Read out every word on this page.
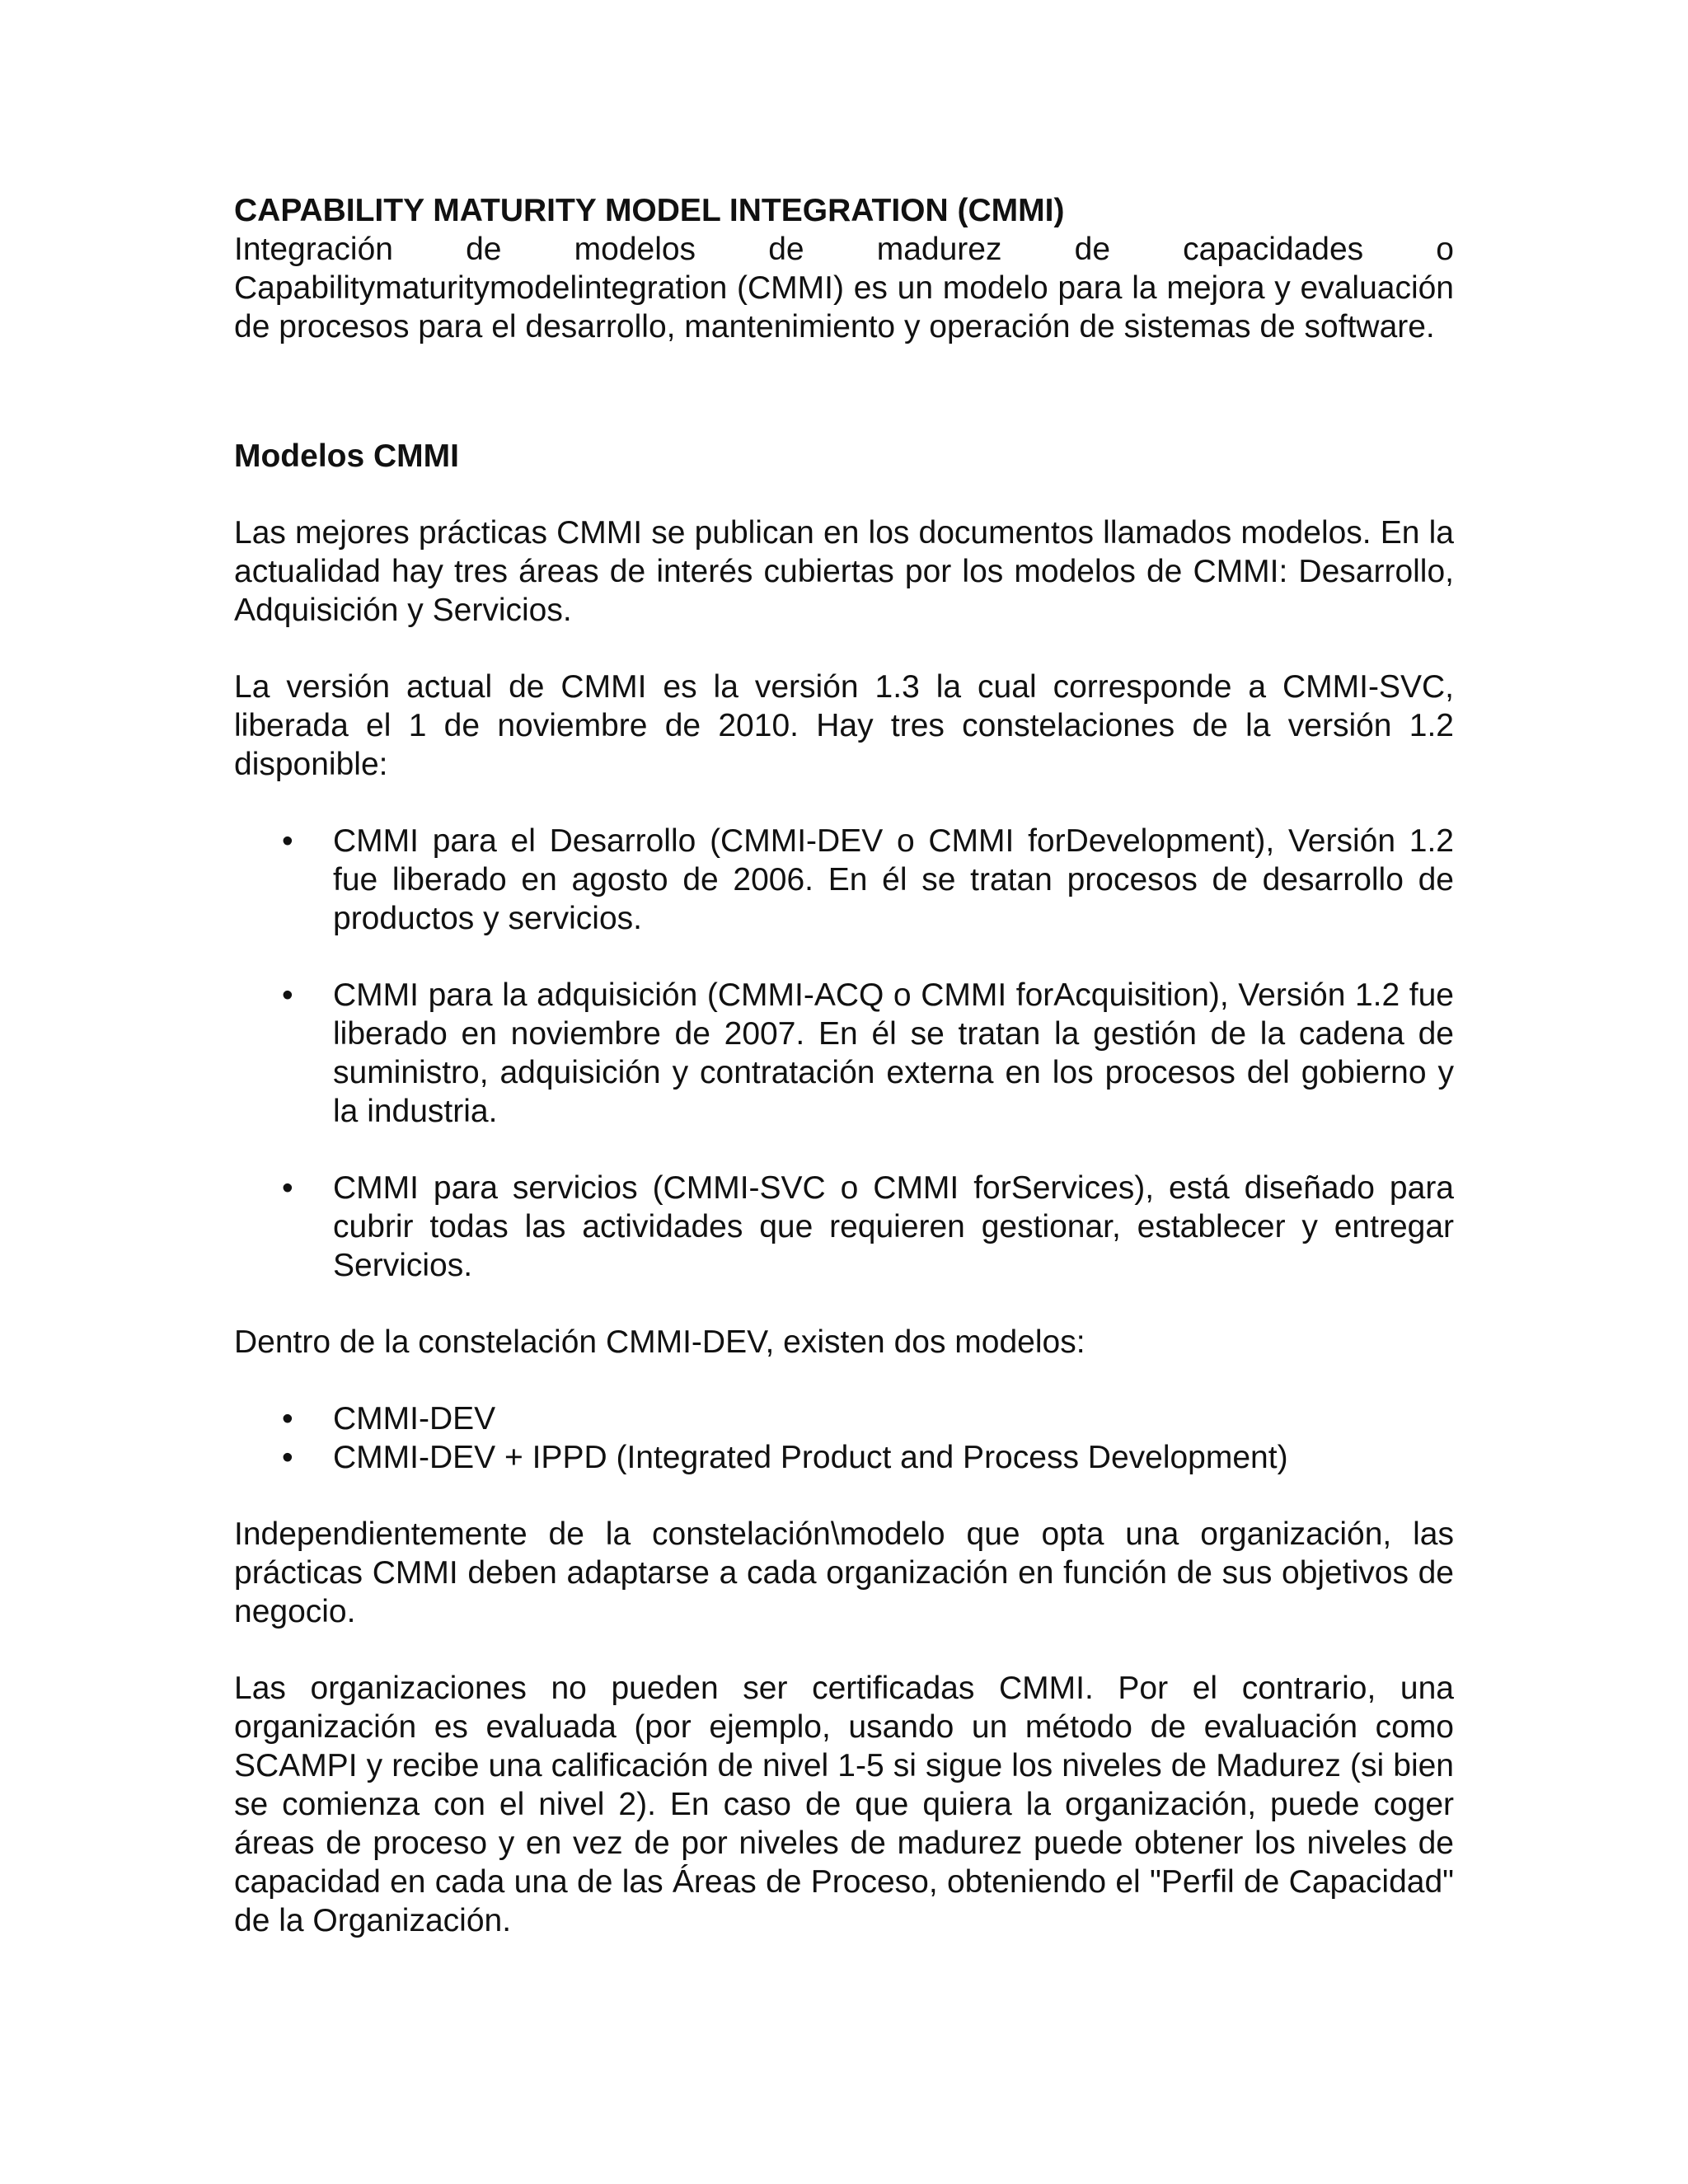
CAPABILITY MATURITY MODEL INTEGRATION (CMMI)

Integración de modelos de madurez de capacidades o Capabilitymaturitymodelintegration (CMMI) es un modelo para la mejora y evaluación de procesos para el desarrollo, mantenimiento y operación de sistemas de software.

Modelos CMMI

Las mejores prácticas CMMI se publican en los documentos llamados modelos. En la actualidad hay tres áreas de interés cubiertas por los modelos de CMMI: Desarrollo, Adquisición y Servicios.

La versión actual de CMMI es la versión 1.3 la cual corresponde a CMMI-SVC, liberada el 1 de noviembre de 2010. Hay tres constelaciones de la versión 1.2 disponible:

• CMMI para el Desarrollo (CMMI-DEV o CMMI forDevelopment), Versión 1.2 fue liberado en agosto de 2006. En él se tratan procesos de desarrollo de productos y servicios.
• CMMI para la adquisición (CMMI-ACQ o CMMI forAcquisition), Versión 1.2 fue liberado en noviembre de 2007. En él se tratan la gestión de la cadena de suministro, adquisición y contratación externa en los procesos del gobierno y la industria.
• CMMI para servicios (CMMI-SVC o CMMI forServices), está diseñado para cubrir todas las actividades que requieren gestionar, establecer y entregar Servicios.

Dentro de la constelación CMMI-DEV, existen dos modelos:

• CMMI-DEV
• CMMI-DEV + IPPD (Integrated Product and Process Development)

Independientemente de la constelación\modelo que opta una organización, las prácticas CMMI deben adaptarse a cada organización en función de sus objetivos de negocio.

Las organizaciones no pueden ser certificadas CMMI. Por el contrario, una organización es evaluada (por ejemplo, usando un método de evaluación como SCAMPI y recibe una calificación de nivel 1-5 si sigue los niveles de Madurez (si bien se comienza con el nivel 2). En caso de que quiera la organización, puede coger áreas de proceso y en vez de por niveles de madurez puede obtener los niveles de capacidad en cada una de las Áreas de Proceso, obteniendo el "Perfil de Capacidad" de la Organización.
